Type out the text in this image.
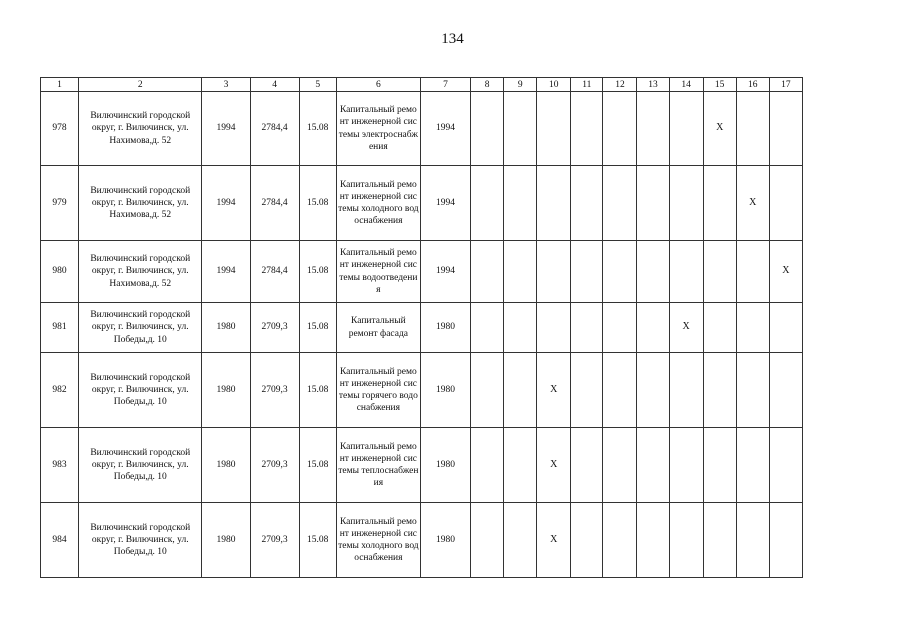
134
1	2	3	4	5	6	7	8	9	10	11	12	13	14	15	16	17
978	Вилючинский городской округ, г. Вилючинск, ул. Нахимова,д. 52	1994	2784,4	15.08	Капитальный ремонт инженерной системы электроснабжения	1994								X		
979	Вилючинский городской округ, г. Вилючинск, ул. Нахимова,д. 52	1994	2784,4	15.08	Капитальный ремонт инженерной системы холодного водоснабжения	1994									X	
980	Вилючинский городской округ, г. Вилючинск, ул. Нахимова,д. 52	1994	2784,4	15.08	Капитальный ремонт инженерной системы водоотведения	1994										X
981	Вилючинский городской округ, г. Вилючинск, ул. Победы,д. 10	1980	2709,3	15.08	Капитальный ремонт фасада	1980							X			
982	Вилючинский городской округ, г. Вилючинск, ул. Победы,д. 10	1980	2709,3	15.08	Капитальный ремонт инженерной системы горячего водоснабжения	1980			X							
983	Вилючинский городской округ, г. Вилючинск, ул. Победы,д. 10	1980	2709,3	15.08	Капитальный ремонт инженерной системы теплоснабжения	1980			X							
984	Вилючинский городской округ, г. Вилючинск, ул. Победы,д. 10	1980	2709,3	15.08	Капитальный ремонт инженерной системы холодного водоснабжения	1980			X							
